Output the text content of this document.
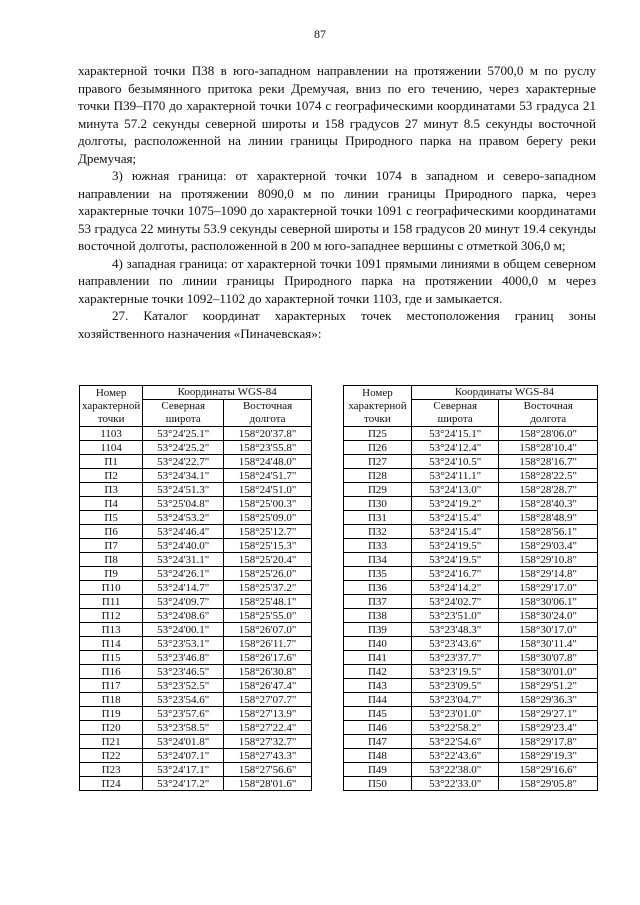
87

характерной точки П38 в юго-западном направлении на протяжении 5700,0 м по руслу правого безымянного притока реки Дремучая, вниз по его течению, через характерные точки П39–П70 до характерной точки 1074 с географическими координатами 53 градуса 21 минута 57.2 секунды северной широты и 158 градусов 27 минут 8.5 секунды восточной долготы, расположенной на линии границы Природного парка на правом берегу реки Дремучая;

3) южная граница: от характерной точки 1074 в западном и северо-западном направлении на протяжении 8090,0 м по линии границы Природного парка, через характерные точки 1075–1090 до характерной точки 1091 с географическими координатами 53 градуса 22 минуты 53.9 секунды северной широты и 158 градусов 20 минут 19.4 секунды восточной долготы, расположенной в 200 м юго-западнее вершины с отметкой 306,0 м;

4) западная граница: от характерной точки 1091 прямыми линиями в общем северном направлении по линии границы Природного парка на протяжении 4000,0 м через характерные точки 1092–1102 до характерной точки 1103, где и замыкается.

27. Каталог координат характерных точек местоположения границ зоны хозяйственного назначения «Пиначевская»:

Номер
характерной
точки	Координаты WGS-84	
	Северная
широта	Восточная
долгота
1103	53°24'25.1"	158°20'37.8"
1104	53°24'25.2"	158°23'55.8"
П1	53°24'22.7"	158°24'48.0"
П2	53°24'34.1"	158°24'51.7"
П3	53°24'51.3"	158°24'51.0"
П4	53°25'04.8"	158°25'00.3"
П5	53°24'53.2"	158°25'09.0"
П6	53°24'46.4"	158°25'12.7"
П7	53°24'40.0"	158°25'15.3"
П8	53°24'31.1"	158°25'20.4"
П9	53°24'26.1"	158°25'26.0"
П10	53°24'14.7"	158°25'37.2"
П11	53°24'09.7"	158°25'48.1"
П12	53°24'08.6"	158°25'55.0"
П13	53°24'00.1"	158°26'07.0"
П14	53°23'53.1"	158°26'11.7"
П15	53°23'46.8"	158°26'17.6"
П16	53°23'46.5"	158°26'30.8"
П17	53°23'52.5"	158°26'47.4"
П18	53°23'54.6"	158°27'07.7"
П19	53°23'57.6"	158°27'13.9"
П20	53°23'58.5"	158°27'22.4"
П21	53°24'01.8"	158°27'32.7"
П22	53°24'07.1"	158°27'43.3"
П23	53°24'17.1"	158°27'56.6"
П24	53°24'17.2"	158°28'01.6"
Номер
характерной
точки	Координаты WGS-84	
	Северная
широта	Восточная
долгота
П25	53°24'15.1"	158°28'06.0"
П26	53°24'12.4"	158°28'10.4"
П27	53°24'10.5"	158°28'16.7"
П28	53°24'11.1"	158°28'22.5"
П29	53°24'13.0"	158°28'28.7"
П30	53°24'19.2"	158°28'40.3"
П31	53°24'15.4"	158°28'48.9"
П32	53°24'15.4"	158°28'56.1"
П33	53°24'19.5"	158°29'03.4"
П34	53°24'19.5"	158°29'10.8"
П35	53°24'16.7"	158°29'14.8"
П36	53°24'14.2"	158°29'17.0"
П37	53°24'02.7"	158°30'06.1"
П38	53°23'51.0"	158°30'24.0"
П39	53°23'48.3"	158°30'17.0"
П40	53°23'43.6"	158°30'11.4"
П41	53°23'37.7"	158°30'07.8"
П42	53°23'19.5"	158°30'01.0"
П43	53°23'09.5"	158°29'51.2"
П44	53°23'04.7"	158°29'36.3"
П45	53°23'01.0"	158°29'27.1"
П46	53°22'58.2"	158°29'23.4"
П47	53°22'54.6"	158°29'17.8"
П48	53°22'43.6"	158°29'19.3"
П49	53°22'38.0"	158°29'16.6"
П50	53°22'33.0"	158°29'05.8"
